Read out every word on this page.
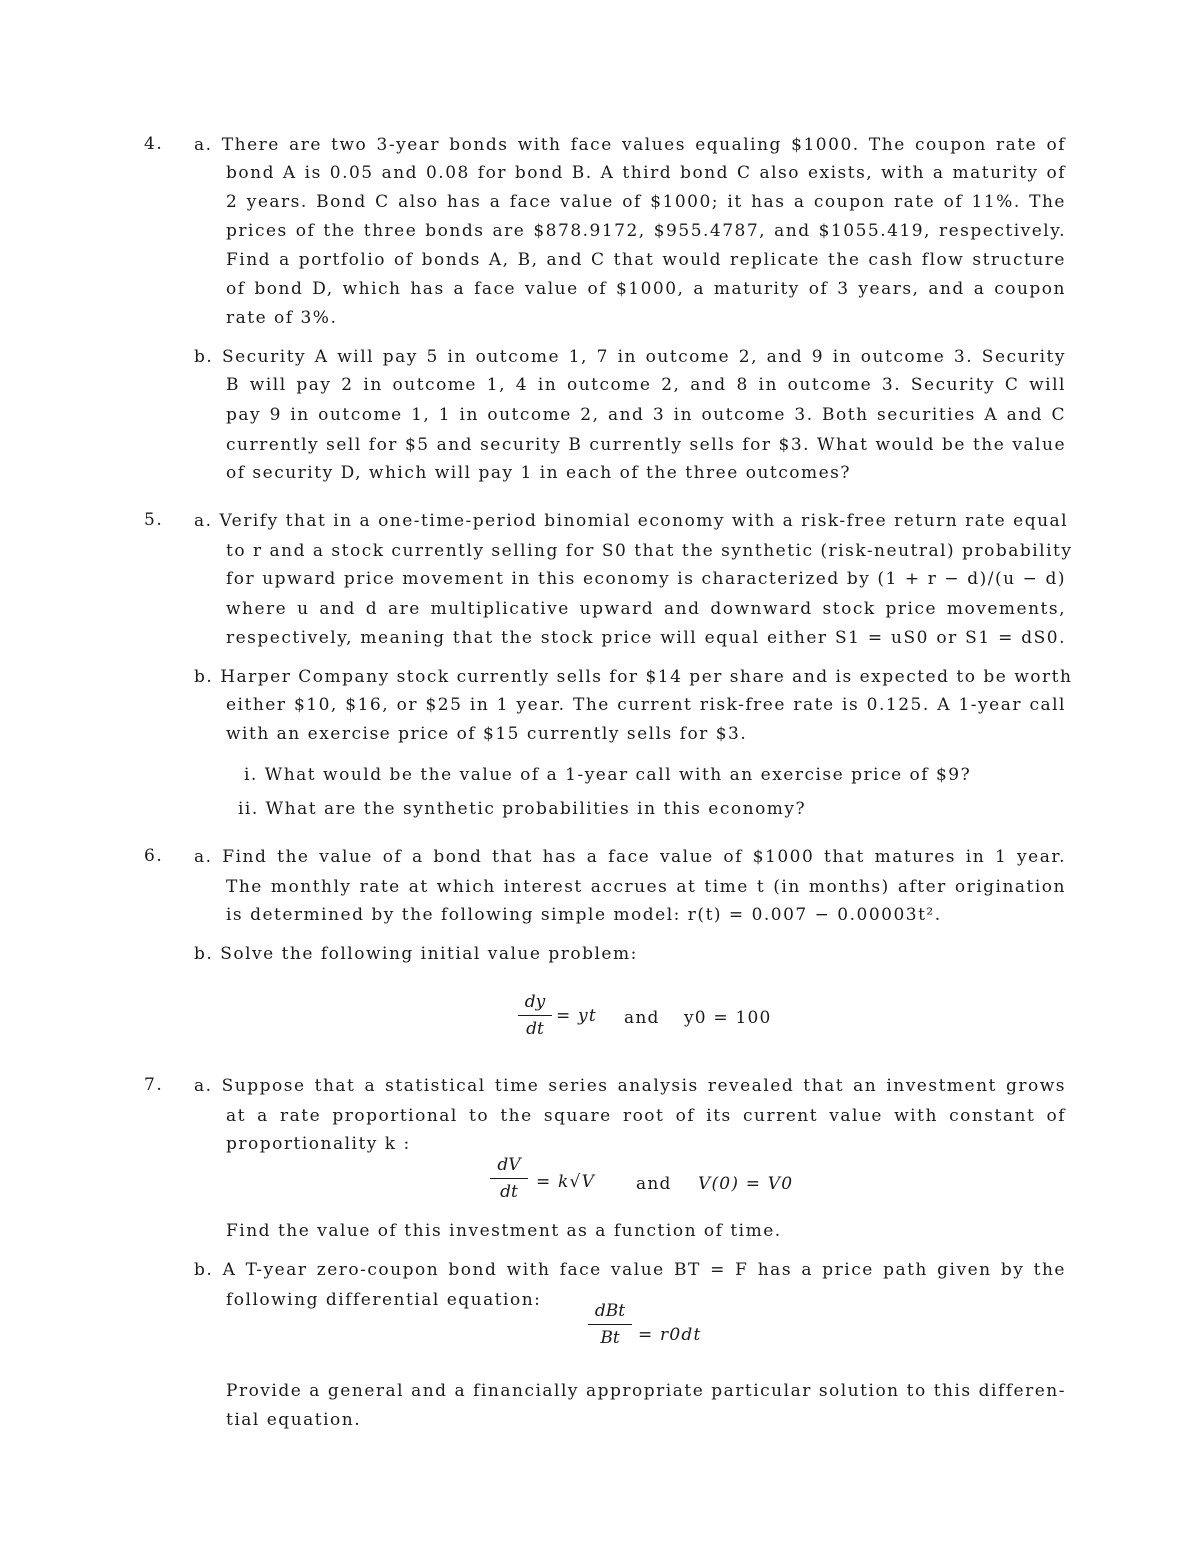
4. a. There are two 3-year bonds with face values equaling $1000. The coupon rate of
bond A is 0.05 and 0.08 for bond B. A third bond C also exists, with a maturity of
2 years. Bond C also has a face value of $1000; it has a coupon rate of 11%. The
prices of the three bonds are $878.9172, $955.4787, and $1055.419, respectively.
Find a portfolio of bonds A, B, and C that would replicate the cash flow structure
of bond D, which has a face value of $1000, a maturity of 3 years, and a coupon
rate of 3%.
b. Security A will pay 5 in outcome 1, 7 in outcome 2, and 9 in outcome 3. Security
B will pay 2 in outcome 1, 4 in outcome 2, and 8 in outcome 3. Security C will
pay 9 in outcome 1, 1 in outcome 2, and 3 in outcome 3. Both securities A and C
currently sell for $5 and security B currently sells for $3. What would be the value
of security D, which will pay 1 in each of the three outcomes?
5. a. Verify that in a one-time-period binomial economy with a risk-free return rate equal
to r and a stock currently selling for S0 that the synthetic (risk-neutral) probability
for upward price movement in this economy is characterized by (1 + r − d)/(u − d)
where u and d are multiplicative upward and downward stock price movements,
respectively, meaning that the stock price will equal either S1 = uS0 or S1 = dS0.
b. Harper Company stock currently sells for $14 per share and is expected to be worth
either $10, $16, or $25 in 1 year. The current risk-free rate is 0.125. A 1-year call
with an exercise price of $15 currently sells for $3.
i. What would be the value of a 1-year call with an exercise price of $9?
ii. What are the synthetic probabilities in this economy?
6. a. Find the value of a bond that has a face value of $1000 that matures in 1 year.
The monthly rate at which interest accrues at time t (in months) after origination
is determined by the following simple model: r(t) = 0.007 − 0.00003t².
b. Solve the following initial value problem:
dy
dt
= yt and y0 = 100
7. a. Suppose that a statistical time series analysis revealed that an investment grows
at a rate proportional to the square root of its current value with constant of
proportionality k :
Find the value of this investment as a function of time.
dV
dt	= k√V and V(0) = V0
b. A T-year zero-coupon bond with face value BT = F has a price path given by the
following differential equation:
Provide a general and a financially appropriate particular solution to this differen-
tial equation.
dBt
Bt	= r0dt
